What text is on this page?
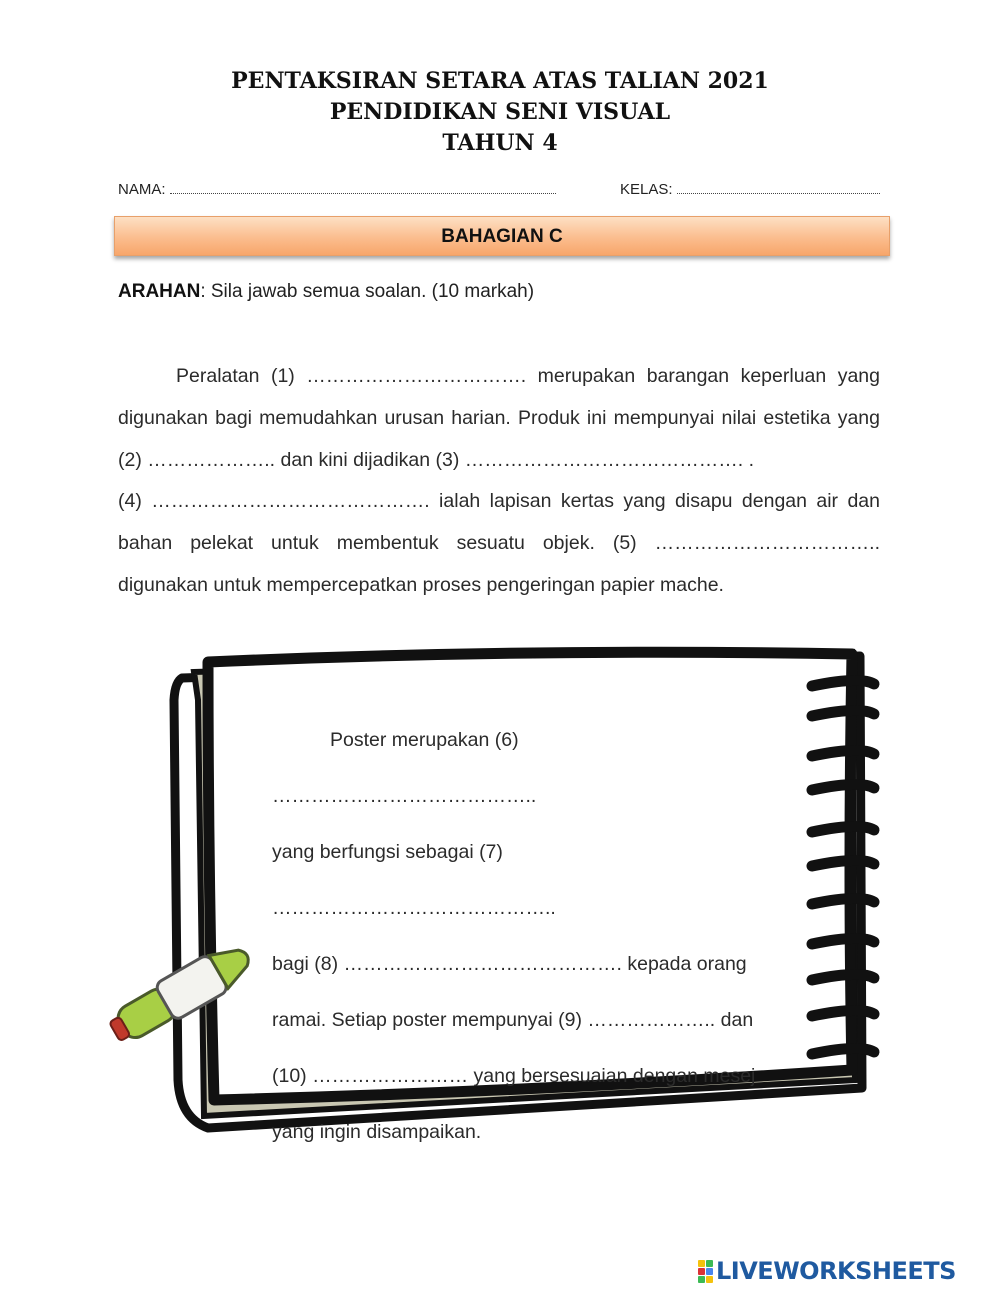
PENTAKSIRAN SETARA ATAS TALIAN 2021
PENDIDIKAN SENI VISUAL
TAHUN 4
NAMA:	KELAS:
BAHAGIAN C
ARAHAN: Sila jawab semua soalan. (10 markah)
Peralatan (1) ……………………………. merupakan barangan keperluan yang digunakan bagi memudahkan urusan harian. Produk ini mempunyai nilai estetika yang (2) ……………….. dan kini dijadikan (3) ……………………………………. .
(4) ……………………………………. ialah lapisan kertas yang disapu dengan air dan bahan pelekat untuk membentuk sesuatu objek. (5) …………………………….. digunakan untuk mempercepatkan proses pengeringan papier mache.
Poster merupakan (6) …………………………………..
yang berfungsi sebagai (7) ……………………………………..
bagi (8) ……………………………………. kepada orang
ramai. Setiap poster mempunyai (9) ……………….. dan
(10) …………………… yang bersesuaian dengan mesej
yang ingin disampaikan.
LIVEWORKSHEETS
